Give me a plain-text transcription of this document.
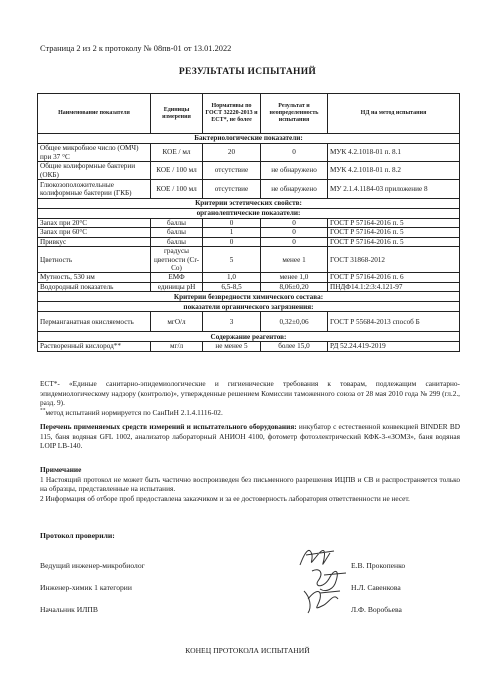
Страница 2 из 2 к протоколу № 08пв-01 от 13.01.2022
РЕЗУЛЬТАТЫ ИСПЫТАНИЙ
Наименование показателя	Единицы измерения	Нормативы по ГОСТ 32220-2013 и ЕСТ*, не более	Результат и неопределенность испытания	НД на метод испытания
Бактериологические показатели:				
Общее микробное число (ОМЧ) при 37 °С	КОЕ / мл	20	0	МУК 4.2.1018-01 п. 8.1
Общие колиформные бактерии (ОКБ)	КОЕ / 100 мл	отсутствие	не обнаружено	МУК 4.2.1018-01 п. 8.2
Глюкозоположительные колиформные бактерии (ГКБ)	КОЕ / 100 мл	отсутствие	не обнаружено	МУ 2.1.4.1184-03 приложение 8
Критерии эстетических свойств:				
органолептические показатели:				
Запах при 20°С	баллы	0	0	ГОСТ Р 57164-2016 п. 5
Запах при 60°С	баллы	1	0	ГОСТ Р 57164-2016 п. 5
Привкус	баллы	0	0	ГОСТ Р 57164-2016 п. 5
Цветность	градусы цветности (Cr-Co)	5	менее 1	ГОСТ 31868-2012
Мутность, 530 нм	ЕМФ	1,0	менее 1,0	ГОСТ Р 57164-2016 п. 6
Водородный показатель	единицы pH	6,5-8,5	8,06±0,20	ПНДФ14.1:2:3:4.121-97
Критерии безвредности химического состава:				
показатели органического загрязнения:				
Перманганатная окисляемость	мгО/л	3	0,32±0,06	ГОСТ Р 55684-2013 способ Б
Содержание реагентов:				
Растворенный кислород**	мг/л	не менее 5	более 15,0	РД 52.24.419-2019

ЕСТ*- «Единые санитарно-эпидемиологические и гигиенические требования к товарам, подлежащим санитарно-эпидемиологическому надзору (контролю)», утвержденные решением Комиссии таможенного союза от 28 мая 2010 года № 299 (гл.2., разд. 9).

**метод испытаний нормируется по СанПиН 2.1.4.1116-02.

Перечень применяемых средств измерений и испытательного оборудования: инкубатор с естественной конвекцией BINDER BD 115, баня водяная GFL 1002, анализатор лабораторный АНИОН 4100, фотометр фотоэлектрический КФК-3-«ЗОМЗ», баня водяная LOIP LB-140.

Примечание

1 Настоящий протокол не может быть частично воспроизведен без письменного разрешения ИЦПВ и СВ и распространяется только на образцы, представленные на испытания.

2 Информация об отборе проб предоставлена заказчиком и за ее достоверность лаборатория ответственности не несет.

Протокол проверили:
Ведущий инженер-микробиолог	Е.В. Прокопенко
Инженер-химик 1 категории	Н.Л. Савенкова
Начальник ИЛПВ	Л.Ф. Воробьева
КОНЕЦ ПРОТОКОЛА ИСПЫТАНИЙ
